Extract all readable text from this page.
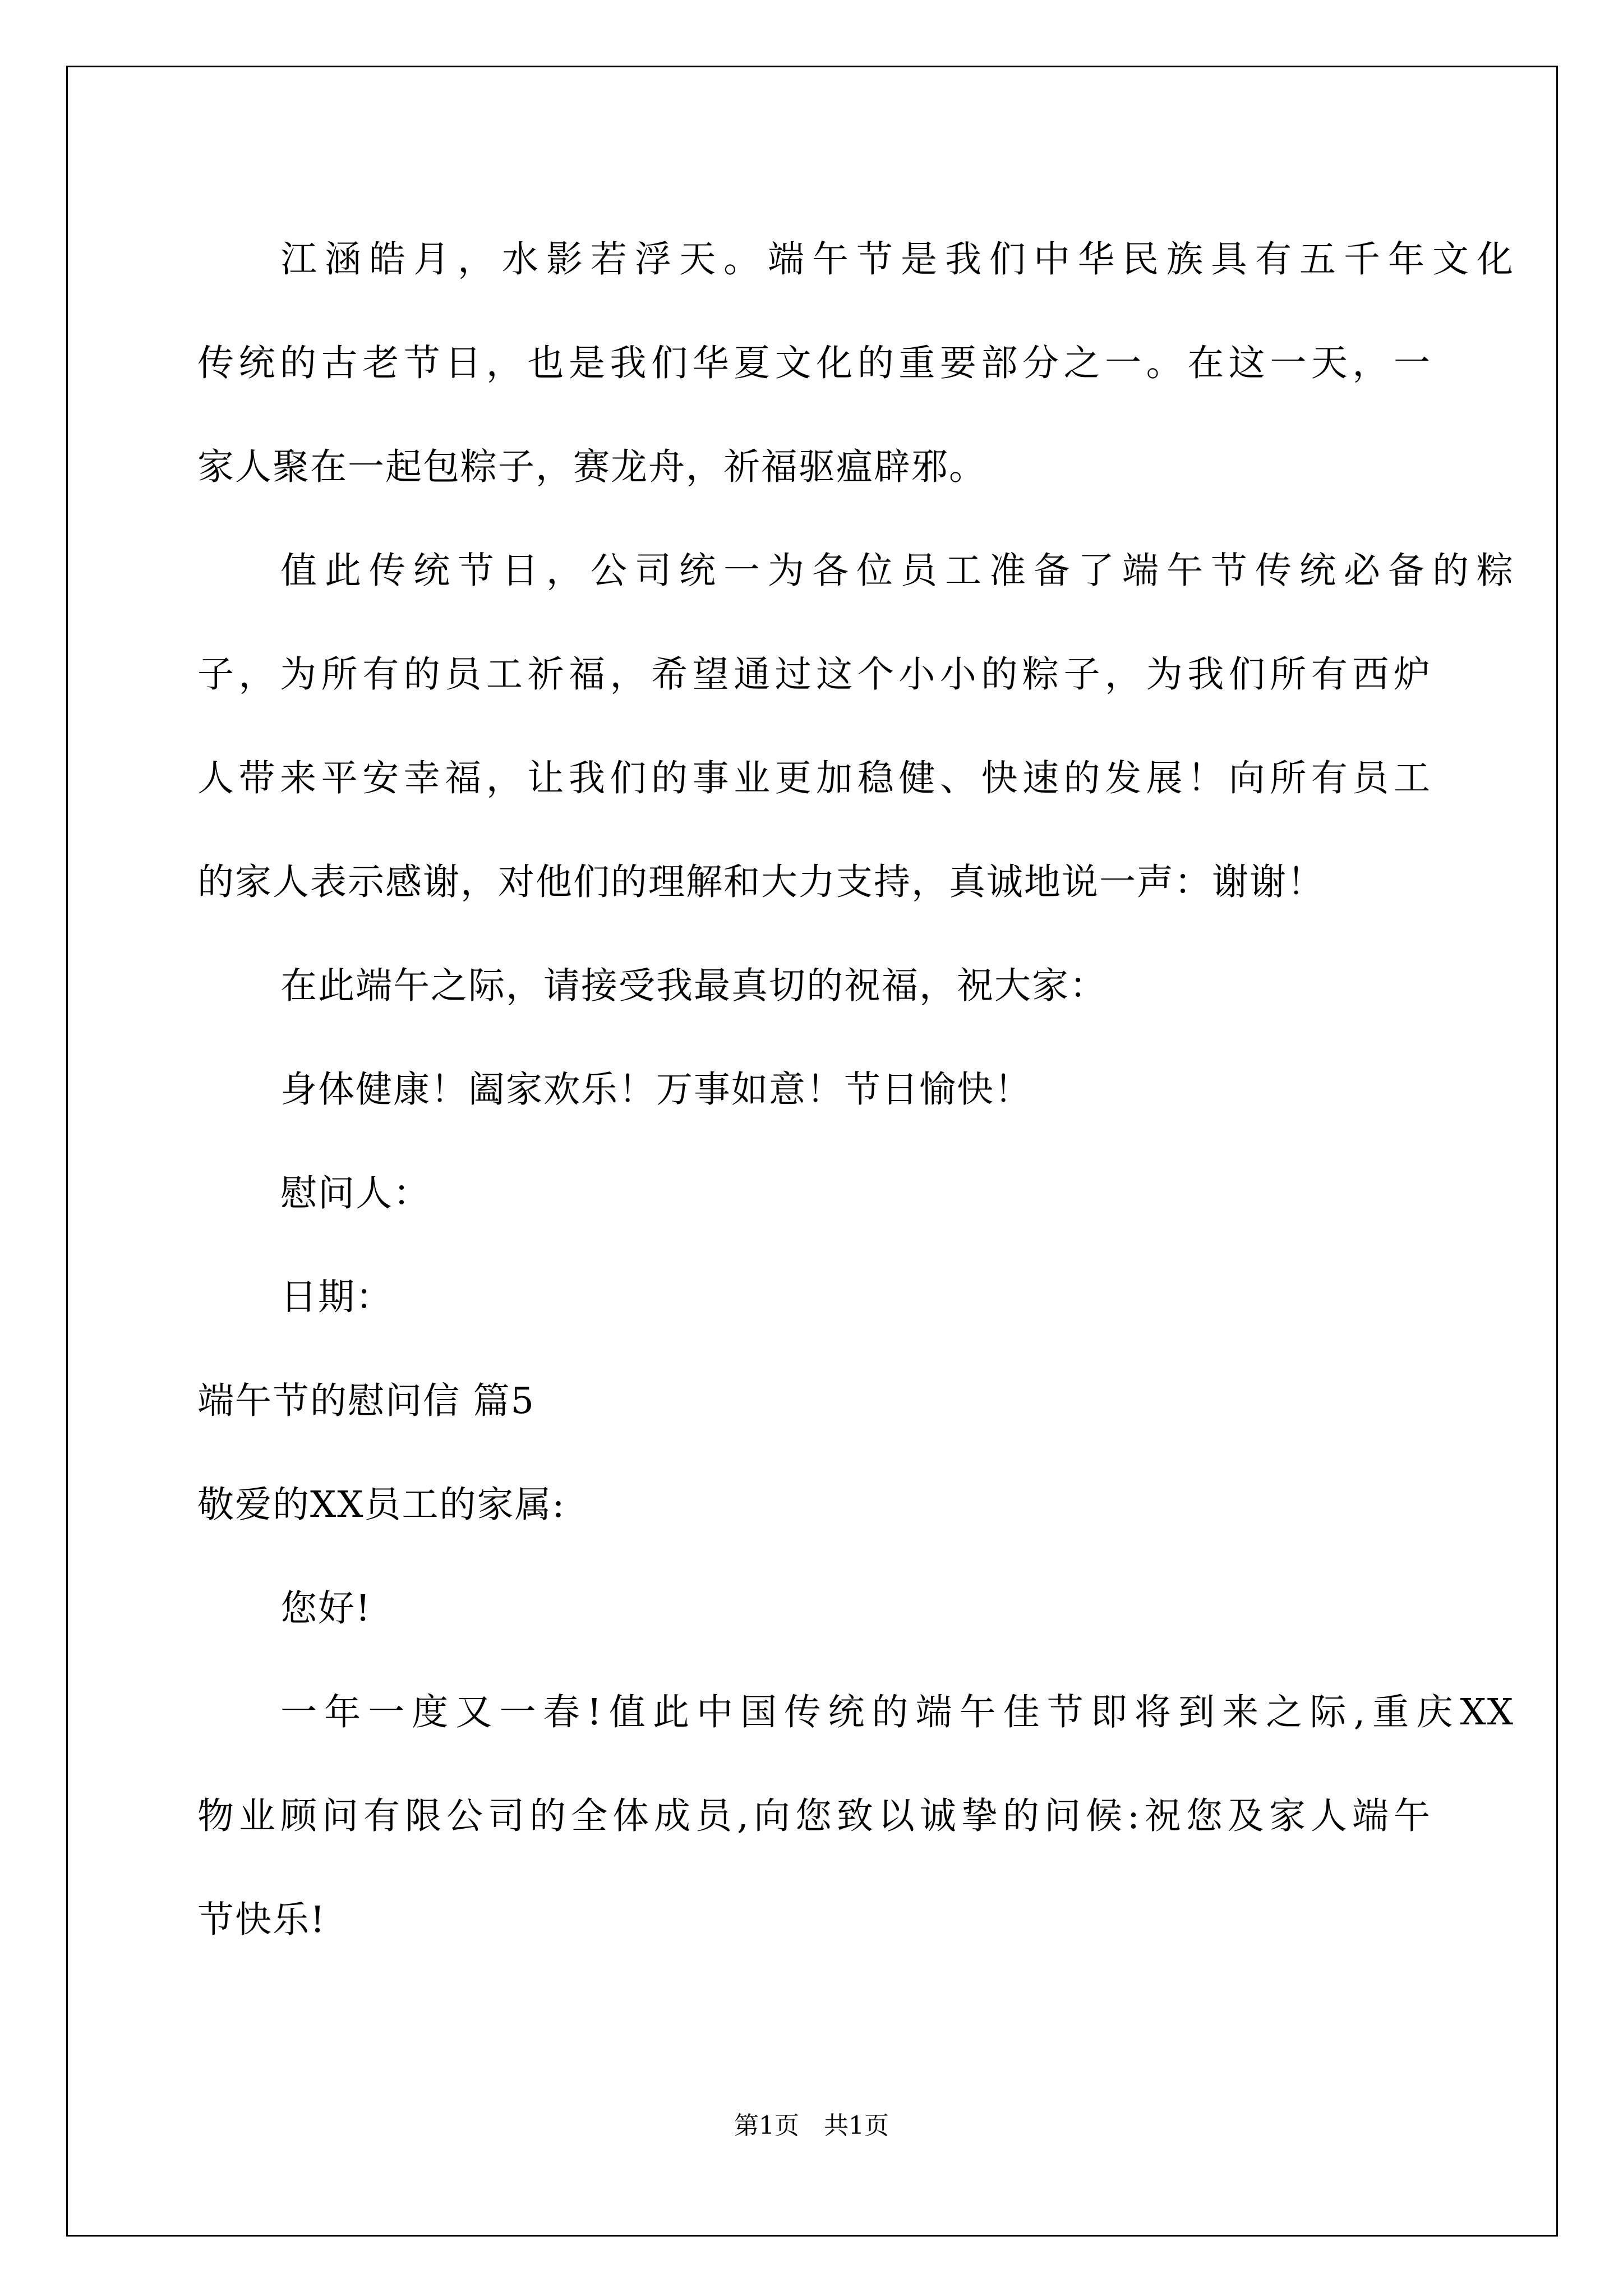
江涵皓月，水影若浮天。端午节是我们中华民族具有五千年文化
传统的古老节日，也是我们华夏文化的重要部分之一。在这一天，一
家人聚在一起包粽子，赛龙舟，祈福驱瘟辟邪。
值此传统节日，公司统一为各位员工准备了端午节传统必备的粽
子，为所有的员工祈福，希望通过这个小小的粽子，为我们所有西炉
人带来平安幸福，让我们的事业更加稳健、快速的发展！向所有员工
的家人表示感谢，对他们的理解和大力支持，真诚地说一声：谢谢！
在此端午之际，请接受我最真切的祝福，祝大家：
身体健康！阖家欢乐！万事如意！节日愉快！
慰问人：
日期：
端午节的慰问信 篇5
敬爱的XX员工的家属:
您好!
一年一度又一春!值此中国传统的端午佳节即将到来之际,重庆XX
物业顾问有限公司的全体成员,向您致以诚挚的问候:祝您及家人端午
节快乐!
第1页　共1页
